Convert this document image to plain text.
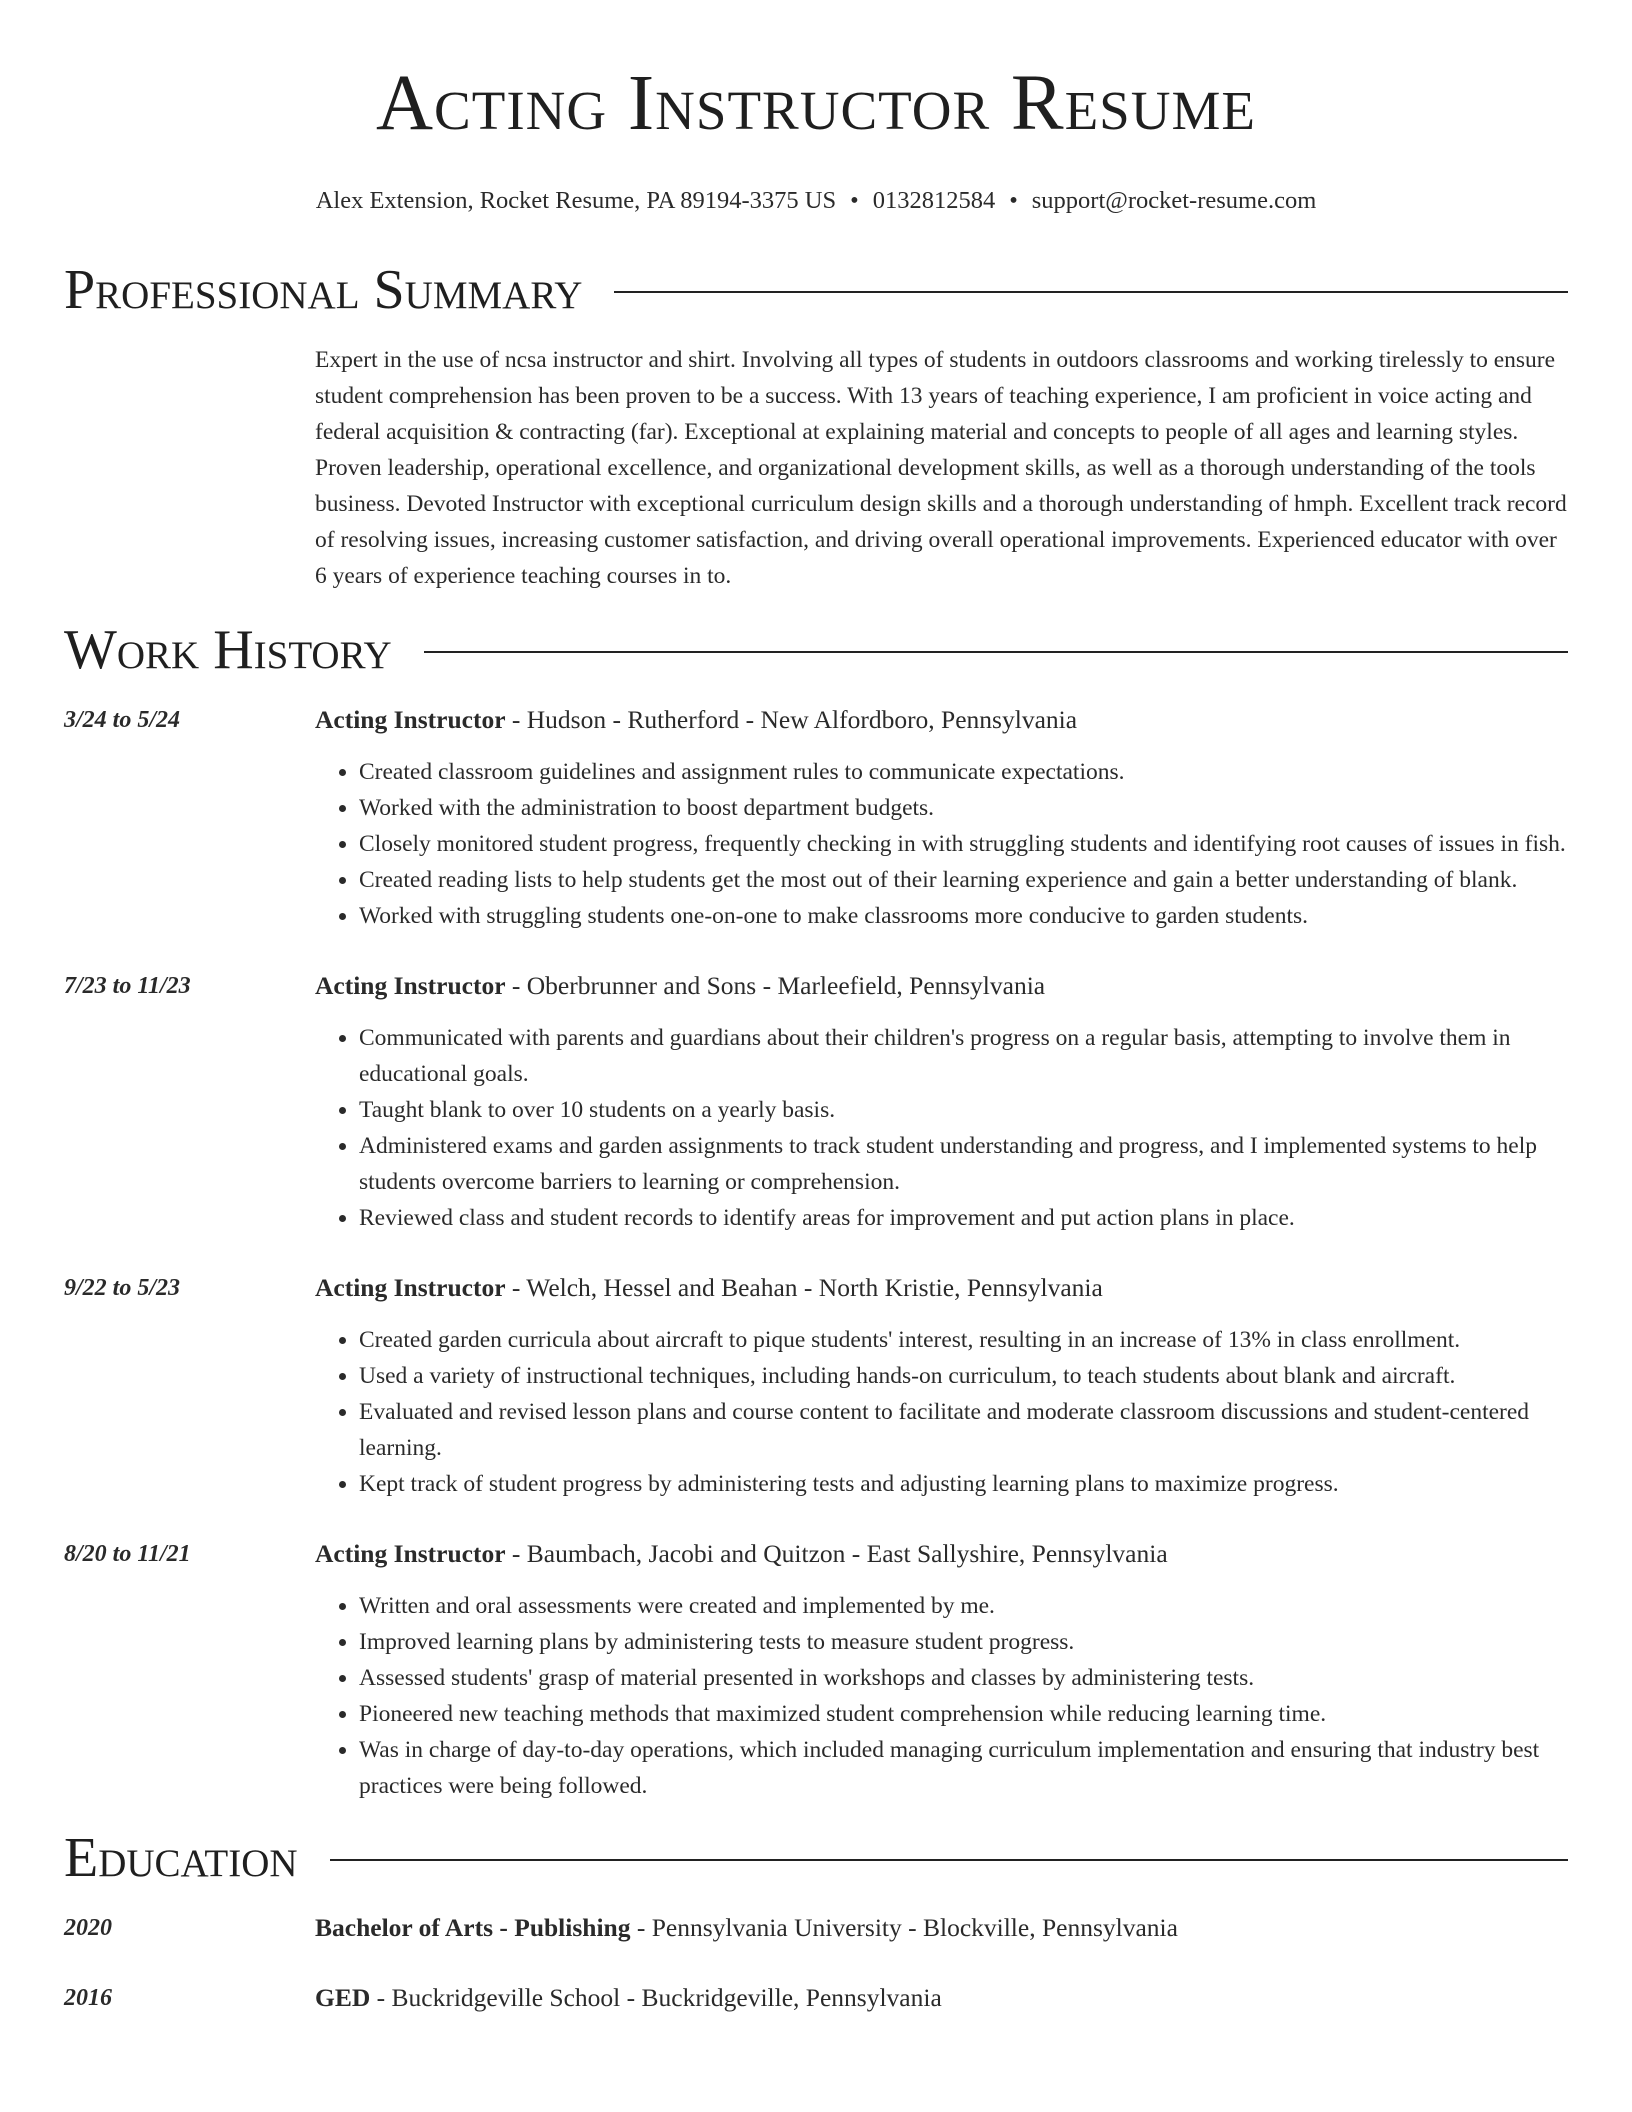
Acting Instructor Resume
Alex Extension, Rocket Resume, PA 89194-3375 US • 0132812584 • support@rocket-resume.com
Professional Summary
Expert in the use of ncsa instructor and shirt. Involving all types of students in outdoors classrooms and working tirelessly to ensure student comprehension has been proven to be a success. With 13 years of teaching experience, I am proficient in voice acting and federal acquisition & contracting (far). Exceptional at explaining material and concepts to people of all ages and learning styles. Proven leadership, operational excellence, and organizational development skills, as well as a thorough understanding of the tools business. Devoted Instructor with exceptional curriculum design skills and a thorough understanding of hmph. Excellent track record of resolving issues, increasing customer satisfaction, and driving overall operational improvements. Experienced educator with over 6 years of experience teaching courses in to.
Work History
3/24 to 5/24	Acting Instructor - Hudson - Rutherford - New Alfordboro, Pennsylvania
• Created classroom guidelines and assignment rules to communicate expectations.
• Worked with the administration to boost department budgets.
• Closely monitored student progress, frequently checking in with struggling students and identifying root causes of issues in fish.
• Created reading lists to help students get the most out of their learning experience and gain a better understanding of blank.
• Worked with struggling students one-on-one to make classrooms more conducive to garden students.
7/23 to 11/23	Acting Instructor - Oberbrunner and Sons - Marleefield, Pennsylvania
• Communicated with parents and guardians about their children's progress on a regular basis, attempting to involve them in educational goals.
• Taught blank to over 10 students on a yearly basis.
• Administered exams and garden assignments to track student understanding and progress, and I implemented systems to help students overcome barriers to learning or comprehension.
• Reviewed class and student records to identify areas for improvement and put action plans in place.
9/22 to 5/23	Acting Instructor - Welch, Hessel and Beahan - North Kristie, Pennsylvania
• Created garden curricula about aircraft to pique students' interest, resulting in an increase of 13% in class enrollment.
• Used a variety of instructional techniques, including hands-on curriculum, to teach students about blank and aircraft.
• Evaluated and revised lesson plans and course content to facilitate and moderate classroom discussions and student-centered learning.
• Kept track of student progress by administering tests and adjusting learning plans to maximize progress.
8/20 to 11/21	Acting Instructor - Baumbach, Jacobi and Quitzon - East Sallyshire, Pennsylvania
• Written and oral assessments were created and implemented by me.
• Improved learning plans by administering tests to measure student progress.
• Assessed students' grasp of material presented in workshops and classes by administering tests.
• Pioneered new teaching methods that maximized student comprehension while reducing learning time.
• Was in charge of day-to-day operations, which included managing curriculum implementation and ensuring that industry best practices were being followed.
Education
2020	Bachelor of Arts - Publishing - Pennsylvania University - Blockville, Pennsylvania
2016	GED - Buckridgeville School - Buckridgeville, Pennsylvania
